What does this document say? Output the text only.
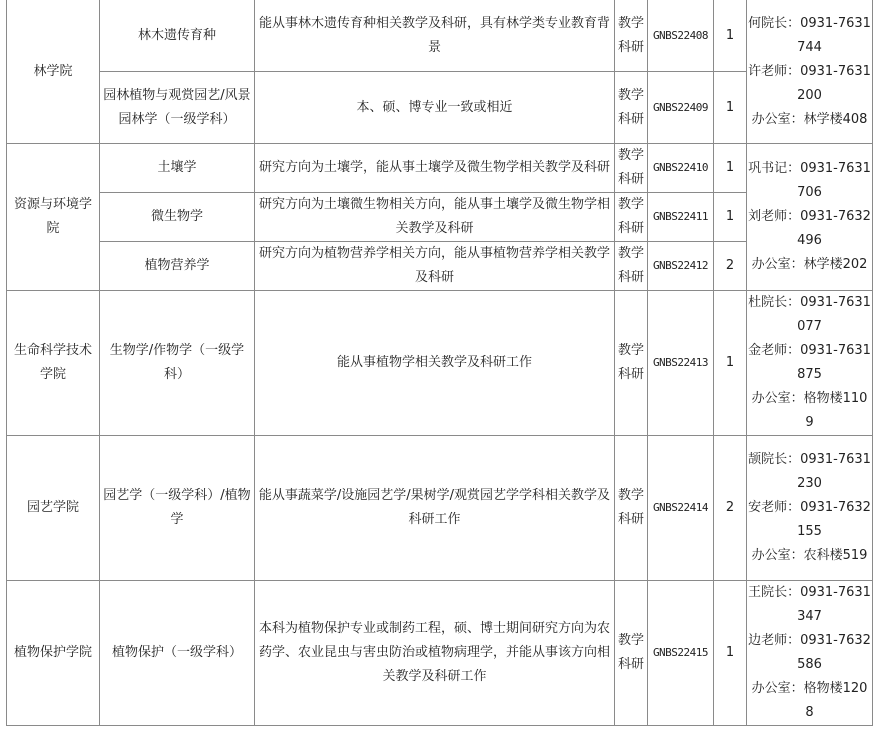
林学院	林木遗传育种	能从事林木遗传育种相关教学及科研，具有林学类专业教育背景	教学科研	GNBS22408	1	何院长：0931-7631744
许老师：0931-7631200
办公室：林学楼408

	园林植物与观赏园艺/风景园林学（一级学科）	本、硕、博专业一致或相近	教学科研	GNBS22409	1	
资源与环境学院	土壤学	研究方向为土壤学，能从事土壤学及微生物学相关教学及科研	教学科研	GNBS22410	1	巩书记：0931-7631706
刘老师：0931-7632496
办公室：林学楼202

	微生物学	研究方向为土壤微生物相关方向，能从事土壤学及微生物学相关教学及科研	教学科研	GNBS22411	1	
	植物营养学	研究方向为植物营养学相关方向，能从事植物营养学相关教学及科研	教学科研	GNBS22412	2	
生命科学技术学院	生物学/作物学（一级学科）	能从事植物学相关教学及科研工作	教学科研	GNBS22413	1	杜院长：0931-7631077
金老师：0931-7631875
办公室：格物楼1109

园艺学院	园艺学（一级学科）/植物学	能从事蔬菜学/设施园艺学/果树学/观赏园艺学学科相关教学及科研工作	教学科研	GNBS22414	2	颉院长：0931-7631230
安老师：0931-7632155
办公室：农科楼519

植物保护学院	植物保护（一级学科）	本科为植物保护专业或制药工程，硕、博士期间研究方向为农药学、农业昆虫与害虫防治或植物病理学，并能从事该方向相关教学及科研工作	教学科研	GNBS22415	1	王院长：0931-7631347
边老师：0931-7632586
办公室：格物楼1208
